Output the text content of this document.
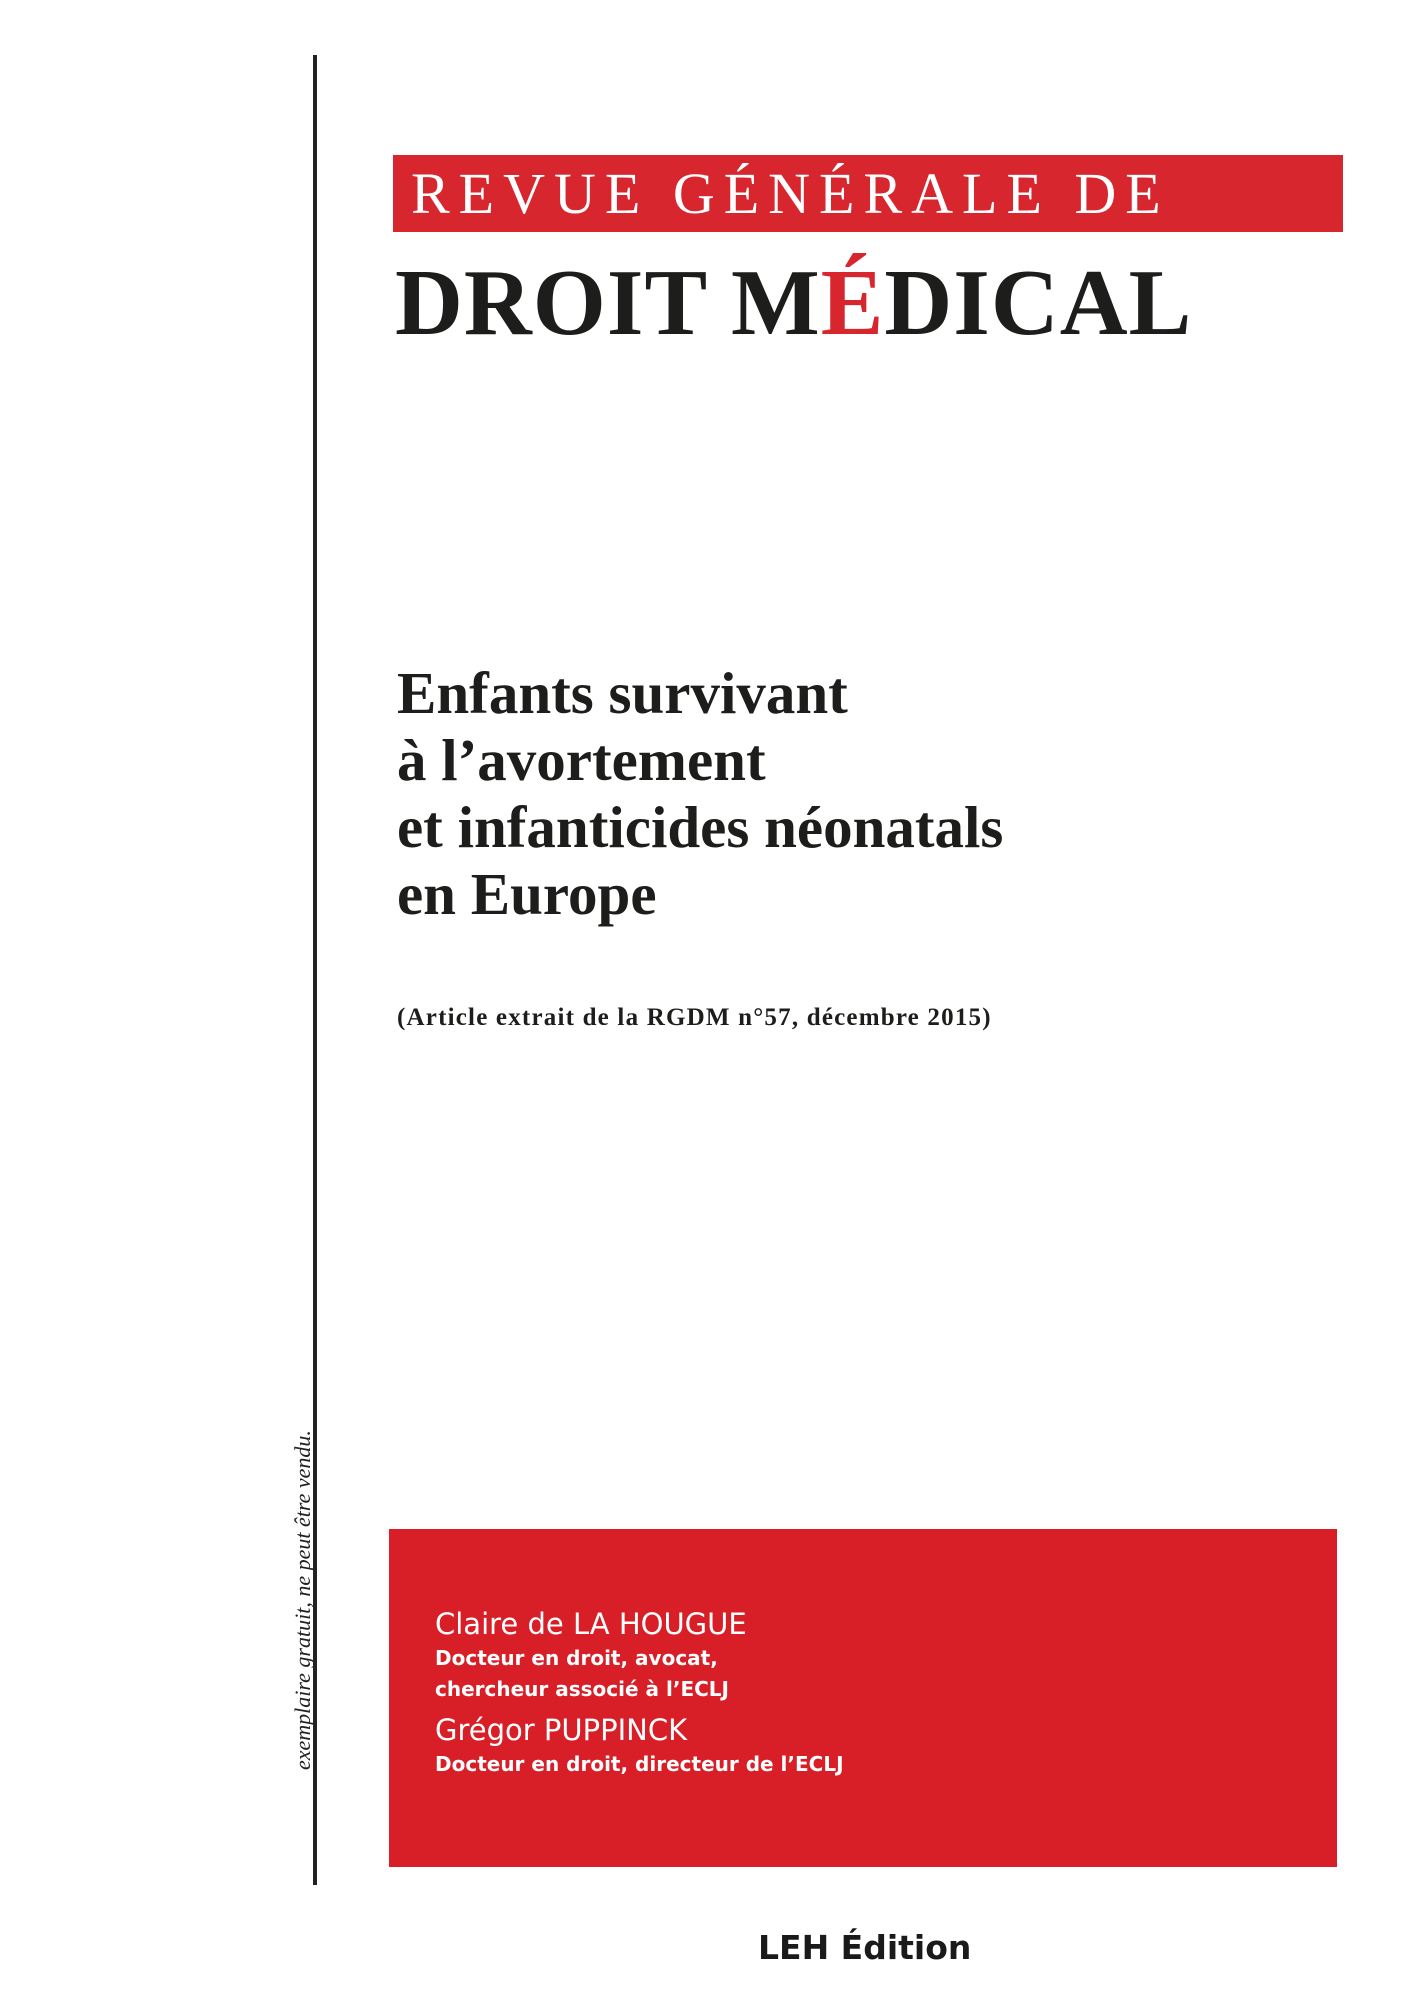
exemplaire gratuit, ne peut être vendu.
REVUE GÉNÉRALE DE
DROIT MÉDICAL
Enfants survivant
à l’avortement
et infanticides néonatals
en Europe
(Article extrait de la RGDM n°57, décembre 2015)
Claire de LA HOUGUE
Docteur en droit, avocat,
chercheur associé à l’ECLJ
Grégor PUPPINCK
Docteur en droit, directeur de l’ECLJ
LEH Édition
